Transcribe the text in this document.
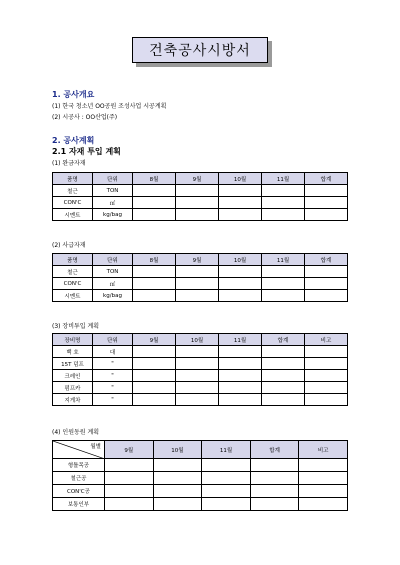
건축공사시방서
1. 공사개요
(1) 한국 청소년 OO공원 조성사업 시공계획
(2) 시공사 : OO산업(주)
2. 공사계획
2.1 자재 투입 계획
(1) 완금자재
품명	단위	8월	9월	10월	11월	합계
철근	TON					
CON'C	㎥					
시멘트	kg/bag					
(2) 사급자재
품명	단위	8월	9월	10월	11월	합계
철근	TON					
CON'C	㎥					
시멘트	kg/bag					
(3) 장비투입 계획
장비명	단위	9월	10월	11월	합계	비고
백 호	대					
15T 덤프	"					
크레인	"					
펌프카	"					
지게차	"					
(4) 인원동원 계획
월별	9월	10월	11월	합계	비고
형틀목공					
철근공					
CON'C공					
보통인부					
